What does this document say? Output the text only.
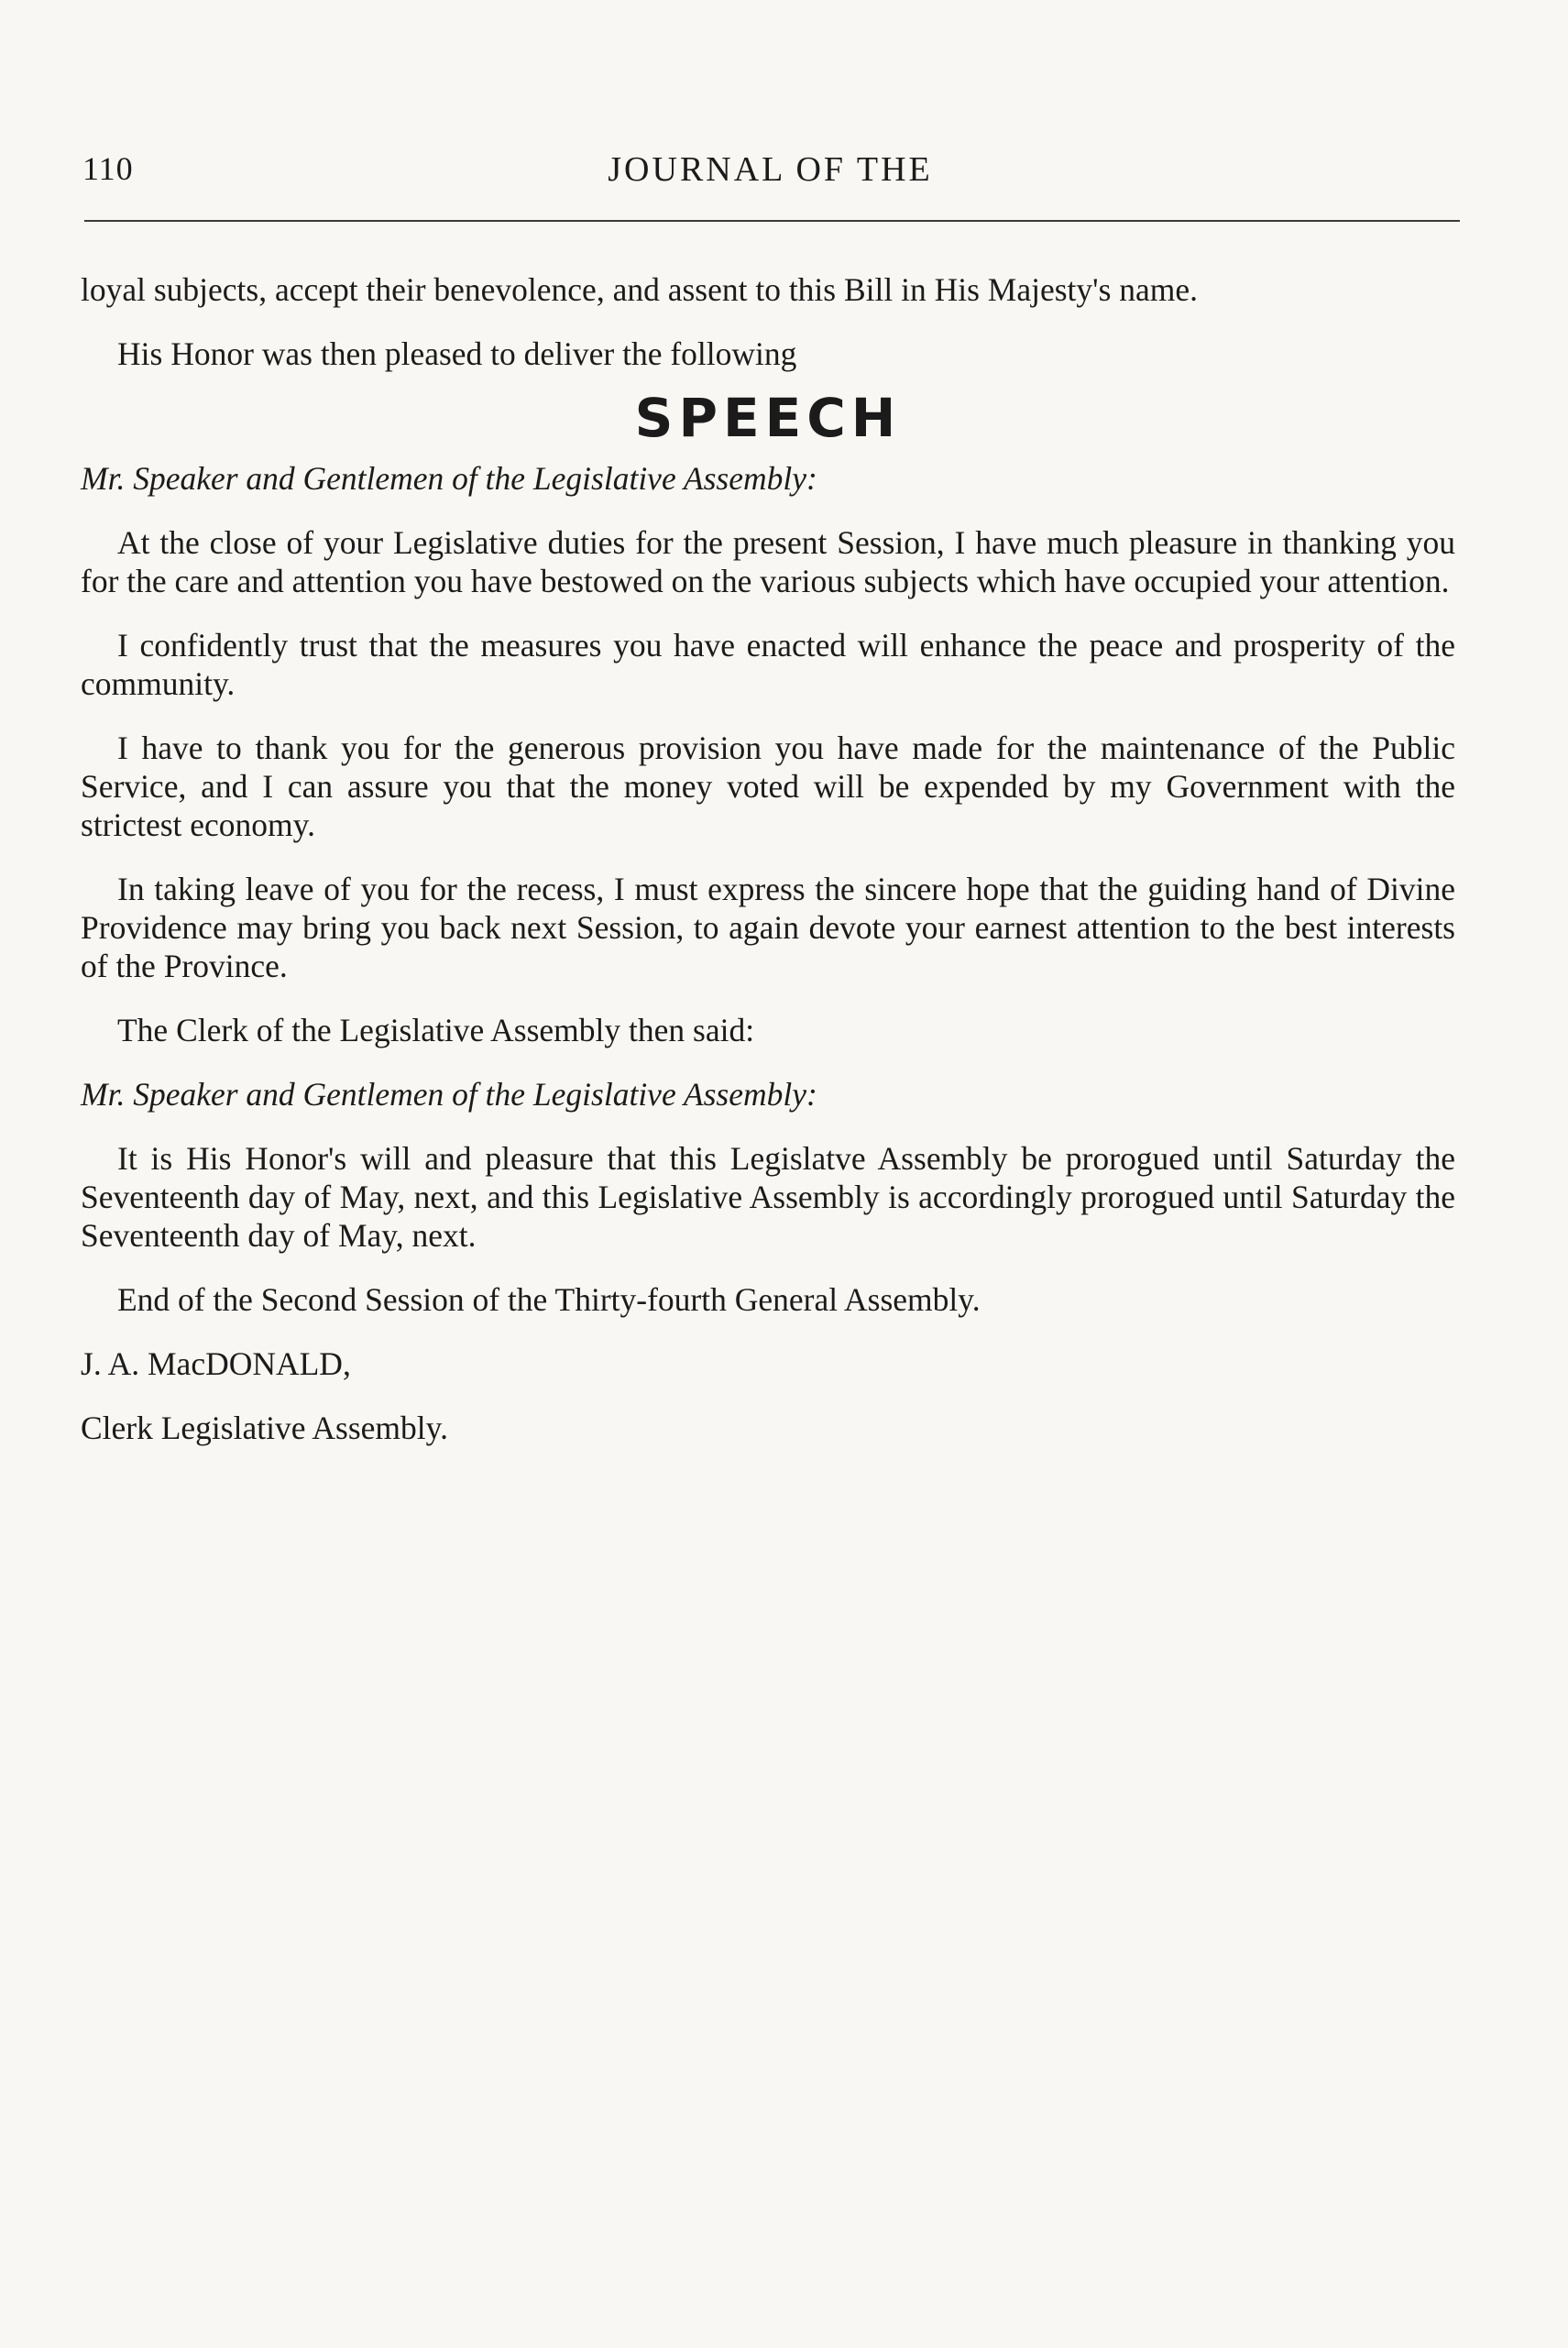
110	JOURNAL OF THE

loyal subjects, accept their benevolence, and assent to this Bill in His Majesty's name.

His Honor was then pleased to deliver the following

SPEECH

Mr. Speaker and Gentlemen of the Legislative Assembly:

At the close of your Legislative duties for the present Session, I have much pleasure in thanking you for the care and attention you have bestowed on the various subjects which have occupied your attention.

I confidently trust that the measures you have enacted will enhance the peace and prosperity of the community.

I have to thank you for the generous provision you have made for the maintenance of the Public Service, and I can assure you that the money voted will be expended by my Government with the strictest economy.

In taking leave of you for the recess, I must express the sincere hope that the guiding hand of Divine Providence may bring you back next Session, to again devote your earnest attention to the best interests of the Province.

The Clerk of the Legislative Assembly then said:

Mr. Speaker and Gentlemen of the Legislative Assembly:

It is His Honor's will and pleasure that this Legislatve Assembly be prorogued until Saturday the Seventeenth day of May, next, and this Legislative Assembly is accordingly prorogued until Saturday the Seventeenth day of May, next.

End of the Second Session of the Thirty-fourth General Assembly.

J. A. MacDONALD,

Clerk Legislative Assembly.
